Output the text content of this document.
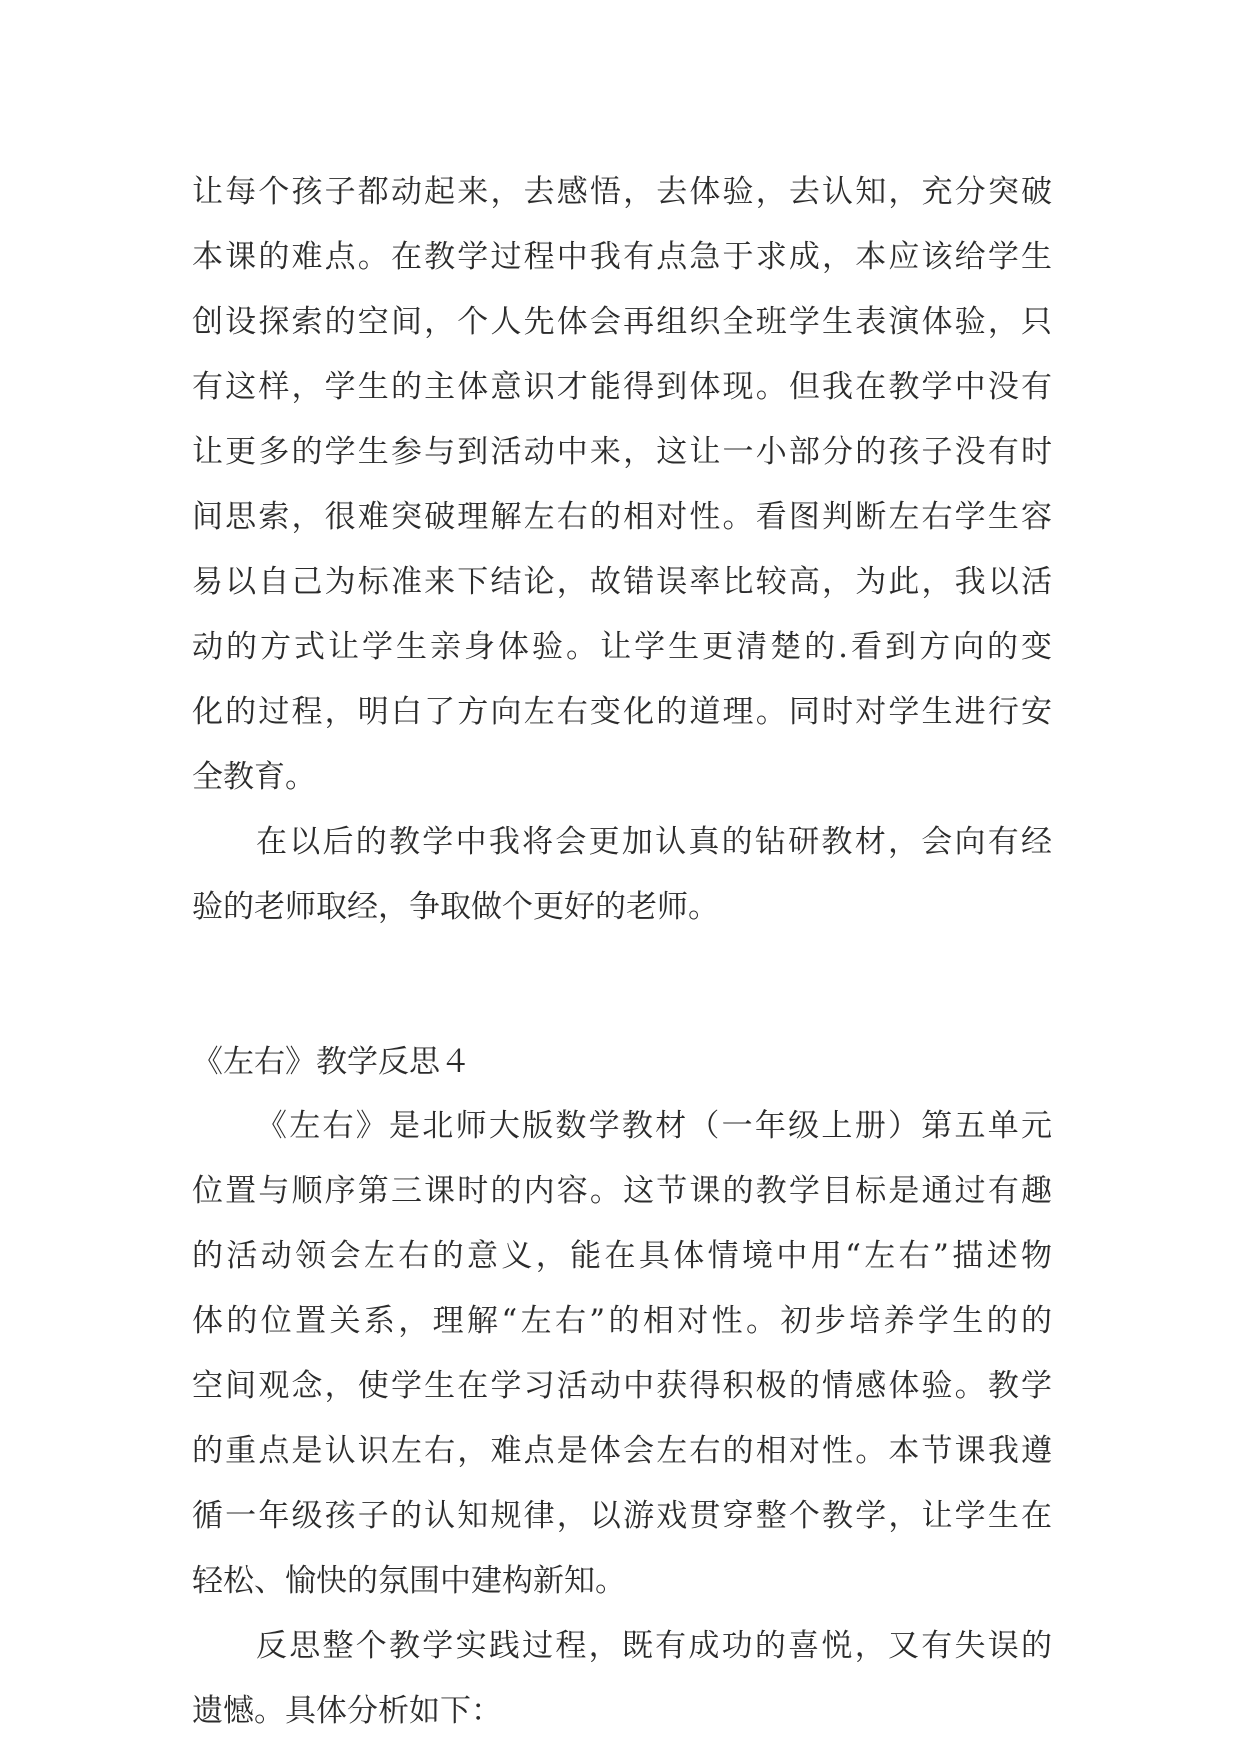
让每个孩子都动起来，去感悟，去体验，去认知，充分突破
本课的难点。在教学过程中我有点急于求成，本应该给学生
创设探索的空间，个人先体会再组织全班学生表演体验，只
有这样，学生的主体意识才能得到体现。但我在教学中没有
让更多的学生参与到活动中来，这让一小部分的孩子没有时
间思索，很难突破理解左右的相对性。看图判断左右学生容
易以自己为标准来下结论，故错误率比较高，为此，我以活
动的方式让学生亲身体验。让学生更清楚的.看到方向的变
化的过程，明白了方向左右变化的道理。同时对学生进行安
全教育。
在以后的教学中我将会更加认真的钻研教材，会向有经
验的老师取经，争取做个更好的老师。
《左右》教学反思４
《左右》是北师大版数学教材（一年级上册）第五单元
位置与顺序第三课时的内容。这节课的教学目标是通过有趣
的活动领会左右的意义，能在具体情境中用“左右”描述物
体的位置关系，理解“左右”的相对性。初步培养学生的的
空间观念，使学生在学习活动中获得积极的情感体验。教学
的重点是认识左右，难点是体会左右的相对性。本节课我遵
循一年级孩子的认知规律，以游戏贯穿整个教学，让学生在
轻松、愉快的氛围中建构新知。
反思整个教学实践过程，既有成功的喜悦，又有失误的
遗憾。具体分析如下：
